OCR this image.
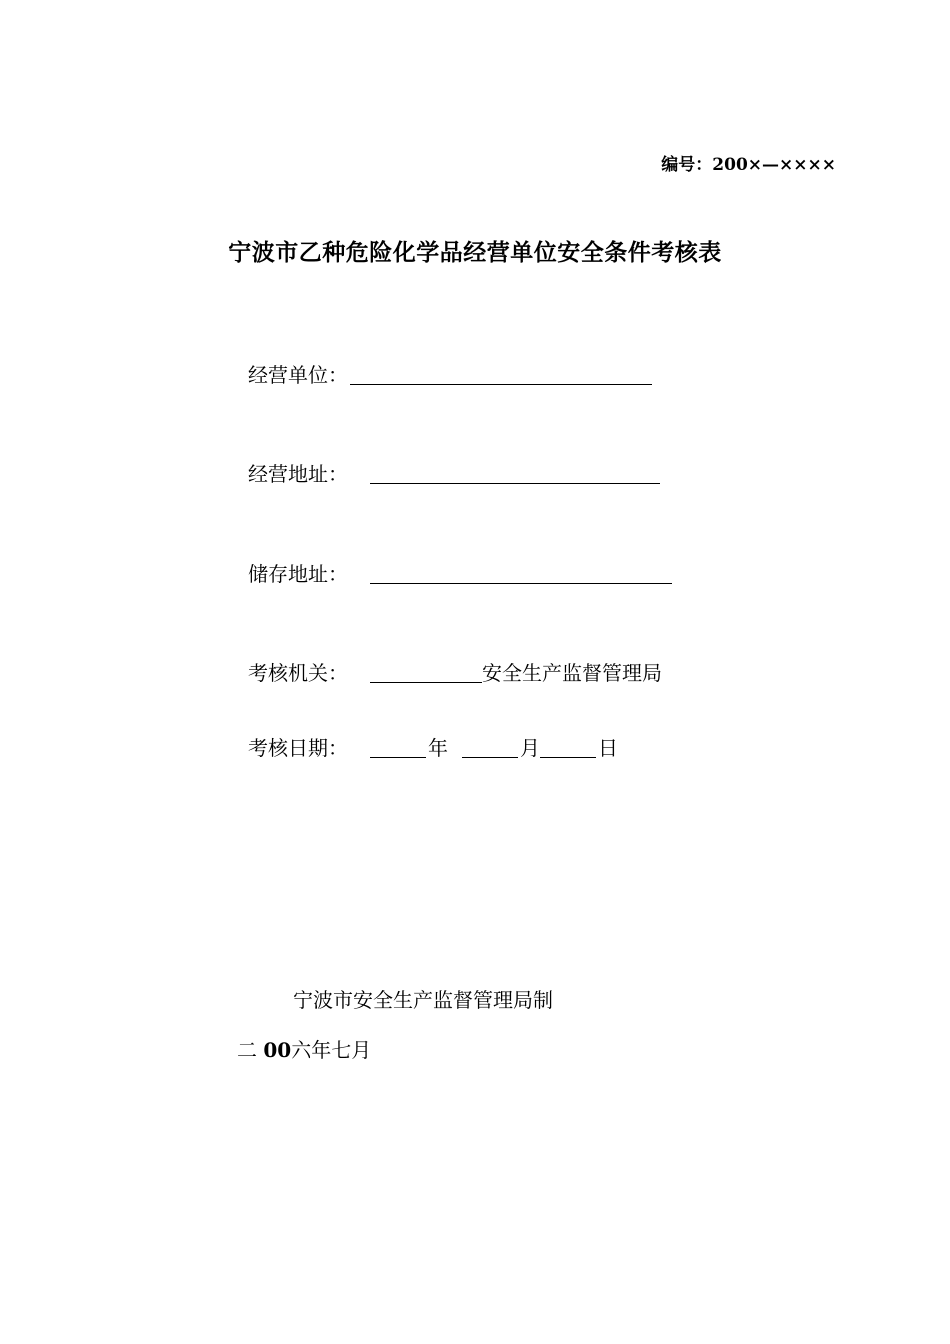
编号：200×—××××
宁波市乙种危险化学品经营单位安全条件考核表
经营单位：
经营地址：
储存地址：
考核机关：	安全生产监督管理局
考核日期：	年	月	日
宁波市安全生产监督管理局制
二 00六年七月
